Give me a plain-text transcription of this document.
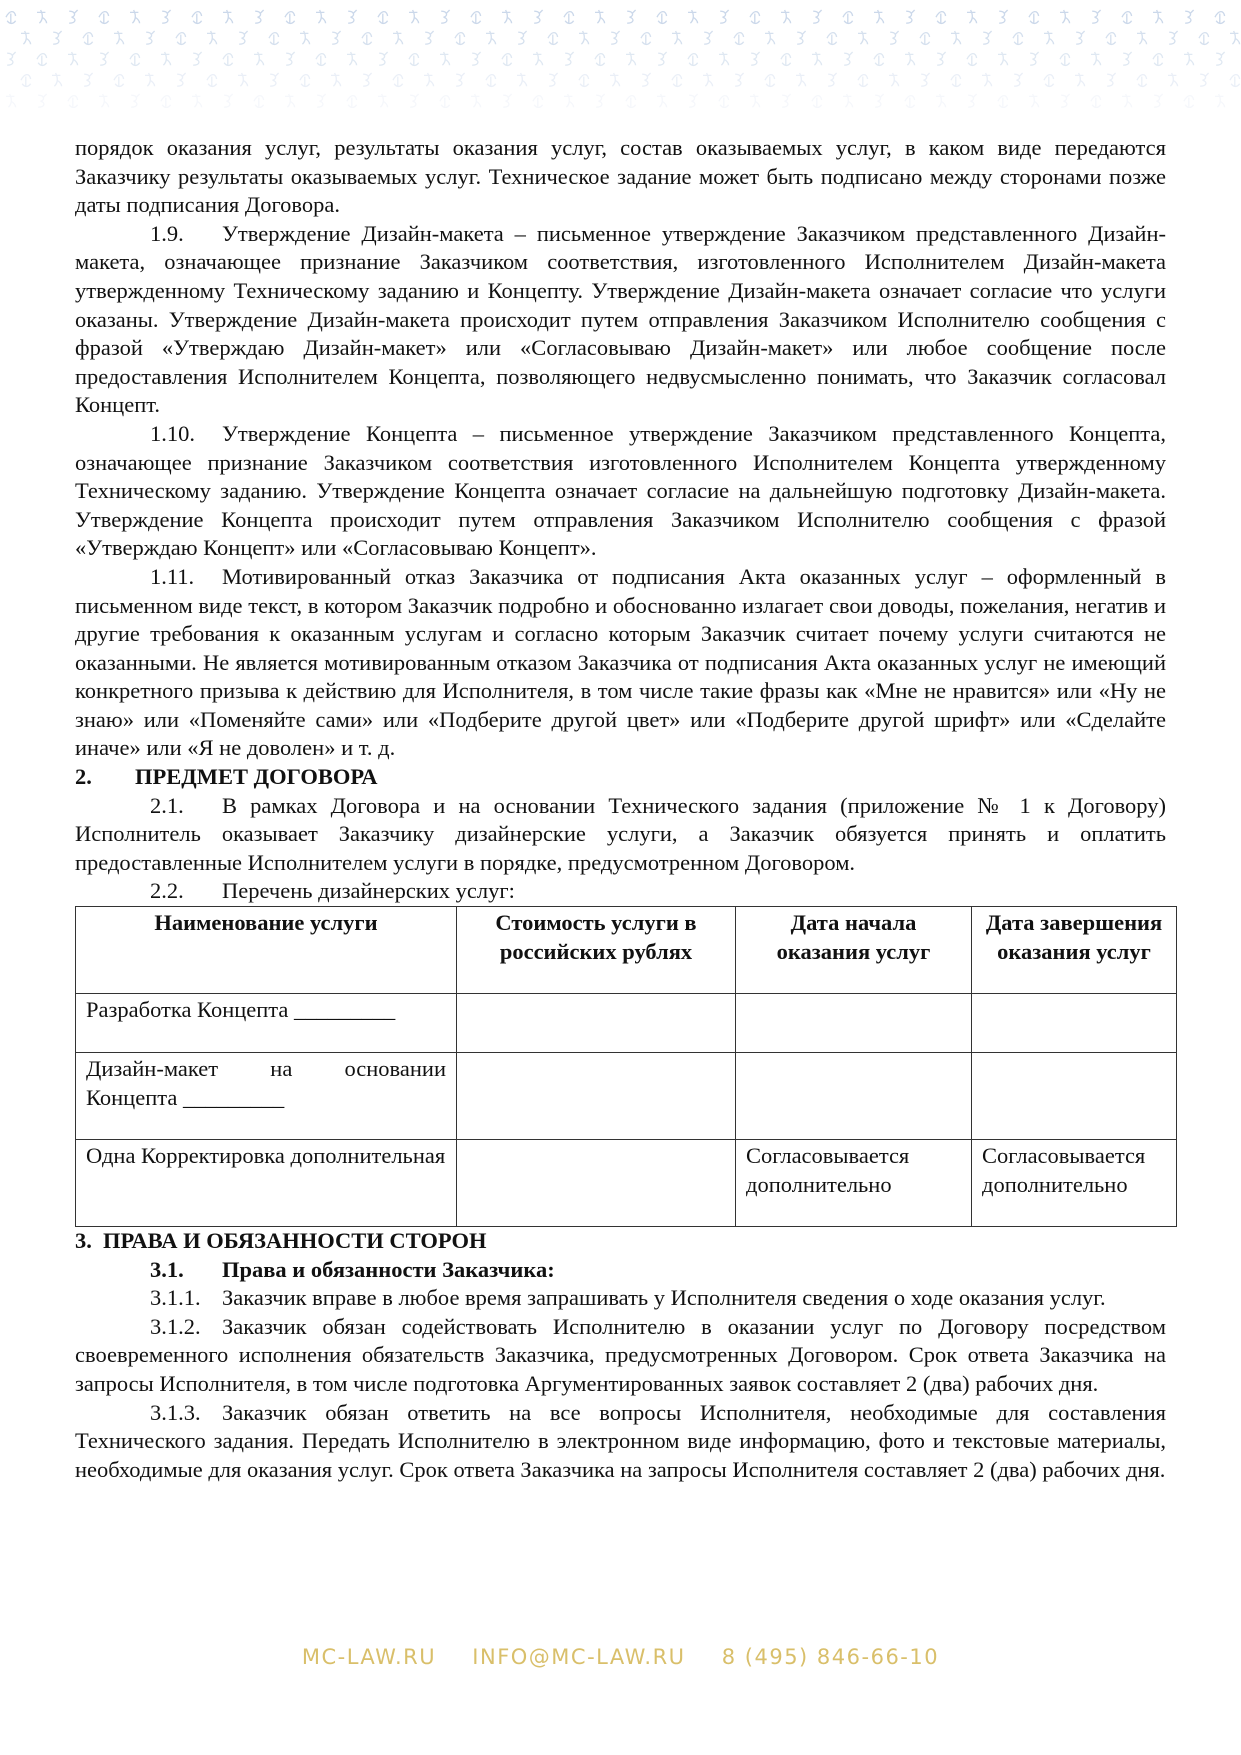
порядок оказания услуг, результаты оказания услуг, состав оказываемых услуг, в каком виде передаются Заказчику результаты оказываемых услуг. Техническое задание может быть подписано между сторонами позже даты подписания Договора.

1.9. Утверждение Дизайн-макета – письменное утверждение Заказчиком представленного Дизайн-макета, означающее признание Заказчиком соответствия, изготовленного Исполнителем Дизайн-макета утвержденному Техническому заданию и Концепту. Утверждение Дизайн-макета означает согласие что услуги оказаны. Утверждение Дизайн-макета происходит путем отправления Заказчиком Исполнителю сообщения с фразой «Утверждаю Дизайн-макет» или «Согласовываю Дизайн-макет» или любое сообщение после предоставления Исполнителем Концепта, позволяющего недвусмысленно понимать, что Заказчик согласовал Концепт.

1.10. Утверждение Концепта – письменное утверждение Заказчиком представленного Концепта, означающее признание Заказчиком соответствия изготовленного Исполнителем Концепта утвержденному Техническому заданию. Утверждение Концепта означает согласие на дальнейшую подготовку Дизайн-макета. Утверждение Концепта происходит путем отправления Заказчиком Исполнителю сообщения с фразой «Утверждаю Концепт» или «Согласовываю Концепт».

1.11. Мотивированный отказ Заказчика от подписания Акта оказанных услуг – оформленный в письменном виде текст, в котором Заказчик подробно и обоснованно излагает свои доводы, пожелания, негатив и другие требования к оказанным услугам и согласно которым Заказчик считает почему услуги считаются не оказанными. Не является мотивированным отказом Заказчика от подписания Акта оказанных услуг не имеющий конкретного призыва к действию для Исполнителя, в том числе такие фразы как «Мне не нравится» или «Ну не знаю» или «Поменяйте сами» или «Подберите другой цвет» или «Подберите другой шрифт» или «Сделайте иначе» или «Я не доволен» и т. д.

2. ПРЕДМЕТ ДОГОВОРА

2.1. В рамках Договора и на основании Технического задания (приложение № 1 к Договору) Исполнитель оказывает Заказчику дизайнерские услуги, а Заказчик обязуется принять и оплатить предоставленные Исполнителем услуги в порядке, предусмотренном Договором.

2.2. Перечень дизайнерских услуг:

Наименование услуги	Стоимость услуги в российских рублях	Дата начала оказания услуг	Дата завершения оказания услуг
Разработка Концепта _________			
Дизайн-макет на основании Концепта _________			
Одна Корректировка дополнительная		Согласовывается дополнительно	Согласовывается дополнительно

3. ПРАВА И ОБЯЗАННОСТИ СТОРОН

3.1. Права и обязанности Заказчика:

3.1.1. Заказчик вправе в любое время запрашивать у Исполнителя сведения о ходе оказания услуг.

3.1.2. Заказчик обязан содействовать Исполнителю в оказании услуг по Договору посредством своевременного исполнения обязательств Заказчика, предусмотренных Договором. Срок ответа Заказчика на запросы Исполнителя, в том числе подготовка Аргументированных заявок составляет 2 (два) рабочих дня.

3.1.3. Заказчик обязан ответить на все вопросы Исполнителя, необходимые для составления Технического задания. Передать Исполнителю в электронном виде информацию, фото и текстовые материалы, необходимые для оказания услуг. Срок ответа Заказчика на запросы Исполнителя составляет 2 (два) рабочих дня.

MC-LAW.RU INFO@MC-LAW.RU 8 (495) 846-66-10
